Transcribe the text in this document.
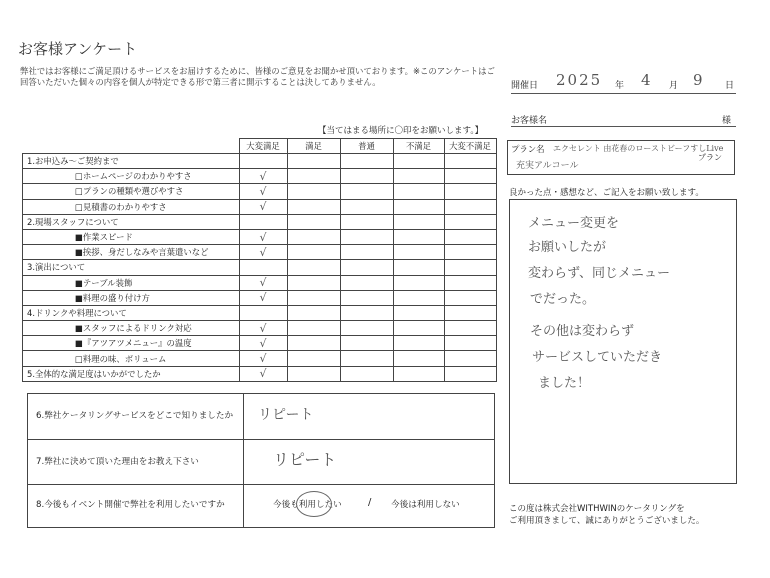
お客様アンケート
弊社ではお客様にご満足頂けるサービスをお届けするために、皆様のご意見をお聞かせ頂いております。※このアンケートはご回答いただいた個々の内容を個人が特定できる形で第三者に開示することは決してありません。	開催日 2025 年 4 月 9 日
お客様名	様
プラン名 エクセレント 由花春のローストビーフすしLive
プラン
充実アルコール
【当てはまる場所に〇印をお願いします。】
	大変満足	満足	普通	不満足	大変不満足
1.お申込み～ご契約まで					
□ホームページのわかりやすさ	√				
□プランの種類や選びやすさ	√				
□見積書のわかりやすさ	√				
2.現場スタッフについて					
■作業スピード	√				
■挨拶、身だしなみや言葉遣いなど	√				
3.演出について					
■テーブル装飾	√				
■料理の盛り付け方	√				
4.ドリンクや料理について					
■スタッフによるドリンク対応	√				
■『アツアツメニュー』の温度	√				
□料理の味、ボリューム	√				
5.全体的な満足度はいかがでしたか	√				
6.弊社ケータリングサービスをどこで知りましたか リピート
7.弊社に決めて頂いた理由をお教え下さい	リピート
8.今後もイベント開催で弊社を利用したいですか	今後も利用したい	/ 今後は利用しない
良かった点・感想など、ご記入をお願い致します。
メニュー変更を
お願いしたが
変わらず、同じメニュー
でだった。
その他は変わらず
サービスしていただき
ました！
この度は株式会社WITHWINのケータリングを
ご利用頂きまして、誠にありがとうございました。
